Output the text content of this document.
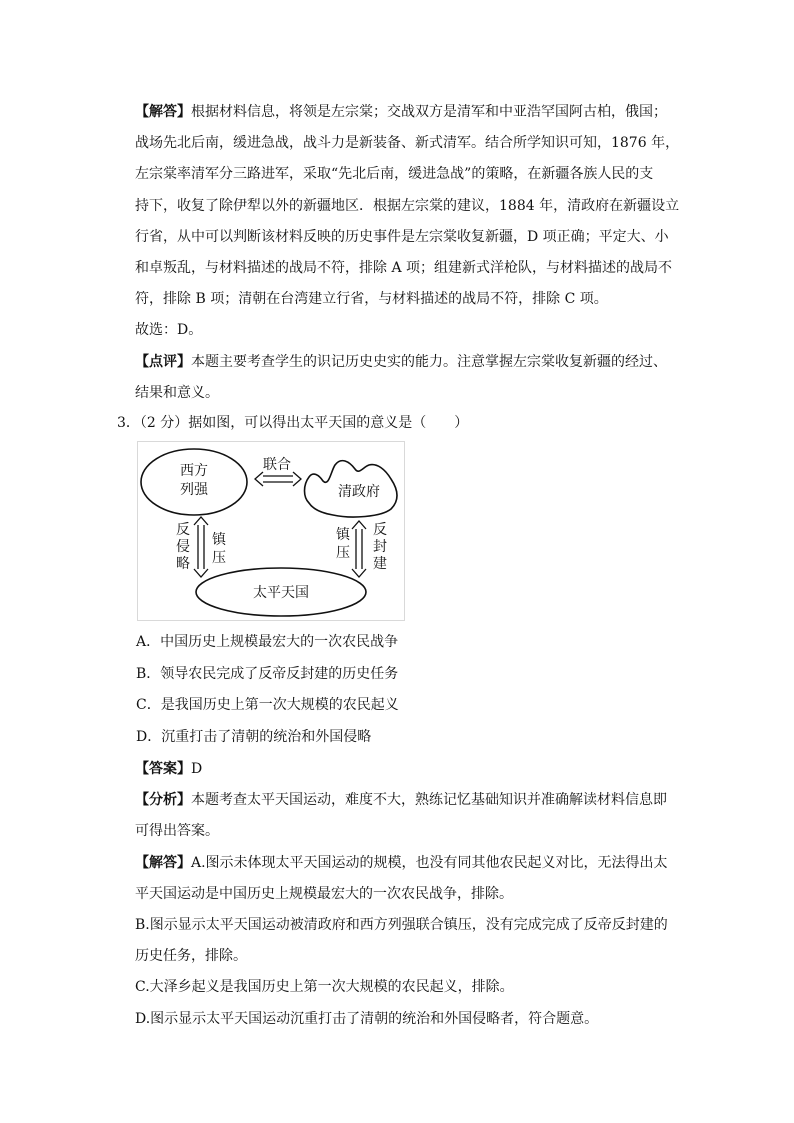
【解答】根据材料信息，将领是左宗棠；交战双方是清军和中亚浩罕国阿古柏，俄国；
战场先北后南，缓进急战，战斗力是新装备、新式清军。结合所学知识可知，1876 年，
左宗棠率清军分三路进军，采取“先北后南，缓进急战”的策略，在新疆各族人民的支
持下，收复了除伊犁以外的新疆地区．根据左宗棠的建议，1884 年，清政府在新疆设立
行省，从中可以判断该材料反映的历史事件是左宗棠收复新疆，D 项正确；平定大、小
和卓叛乱，与材料描述的战局不符，排除 A 项；组建新式洋枪队，与材料描述的战局不
符，排除 B 项；清朝在台湾建立行省，与材料描述的战局不符，排除 C 项。
故选：D。
【点评】本题主要考查学生的识记历史史实的能力。注意掌握左宗棠收复新疆的经过、
结果和意义。
3．（2 分）据如图，可以得出太平天国的意义是（　　）
西方
列强	清政府
联合
反
侵
略
镇
压
镇
压
反
封
建
太平天国
A．中国历史上规模最宏大的一次农民战争
B．领导农民完成了反帝反封建的历史任务
C．是我国历史上第一次大规模的农民起义
D．沉重打击了清朝的统治和外国侵略
【答案】D
【分析】本题考查太平天国运动，难度不大，熟练记忆基础知识并准确解读材料信息即
可得出答案。
【解答】A.图示未体现太平天国运动的规模，也没有同其他农民起义对比，无法得出太
平天国运动是中国历史上规模最宏大的一次农民战争，排除。
B.图示显示太平天国运动被清政府和西方列强联合镇压，没有完成完成了反帝反封建的
历史任务，排除。
C.大泽乡起义是我国历史上第一次大规模的农民起义，排除。
D.图示显示太平天国运动沉重打击了清朝的统治和外国侵略者，符合题意。
